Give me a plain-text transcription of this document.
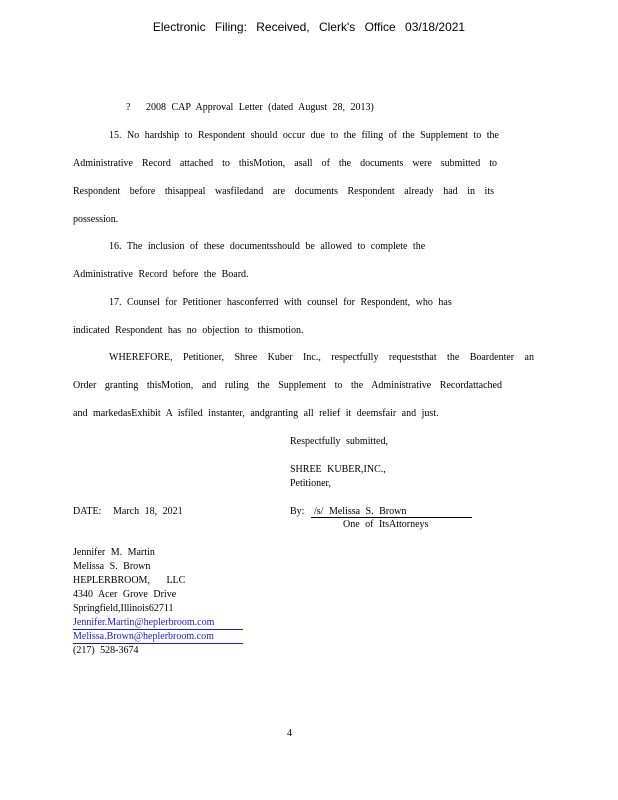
Electronic Filing: Received, Clerk's Office 03/18/2021
? 2008 CAP Approval Letter (dated August 28, 2013)
15. No hardship to Respondent should occur due to the filing of the Supplement to the
Administrative Record attached to thisMotion, asall of the documents were submitted to
Respondent before thisappeal wasfiledand are documents Respondent already had in its
possession.
16. The inclusion of these documentsshould be allowed to complete the
Administrative Record before the Board.
17. Counsel for Petitioner hasconferred with counsel for Respondent, who has
indicated Respondent has no objection to thismotion.
WHEREFORE, Petitioner, Shree Kuber Inc., respectfully requeststhat the Boardenter an
Order granting thisMotion, and ruling the Supplement to the Administrative Recordattached
and markedasExhibit A isfiled instanter, andgranting all relief it deemsfair and just.
Respectfully submitted,
SHREE KUBER,INC.,
Petitioner,
DATE: March 18, 2021	By: /s/ Melissa S. Brown
One of ItsAttorneys
Jennifer M. Martin
Melissa S. Brown
HEPLERBROOM, LLC
4340 Acer Grove Drive
Springfield,Illinois62711
Jennifer.Martin@heplerbroom.com
Melissa.Brown@heplerbroom.com
(217) 528-3674
4
